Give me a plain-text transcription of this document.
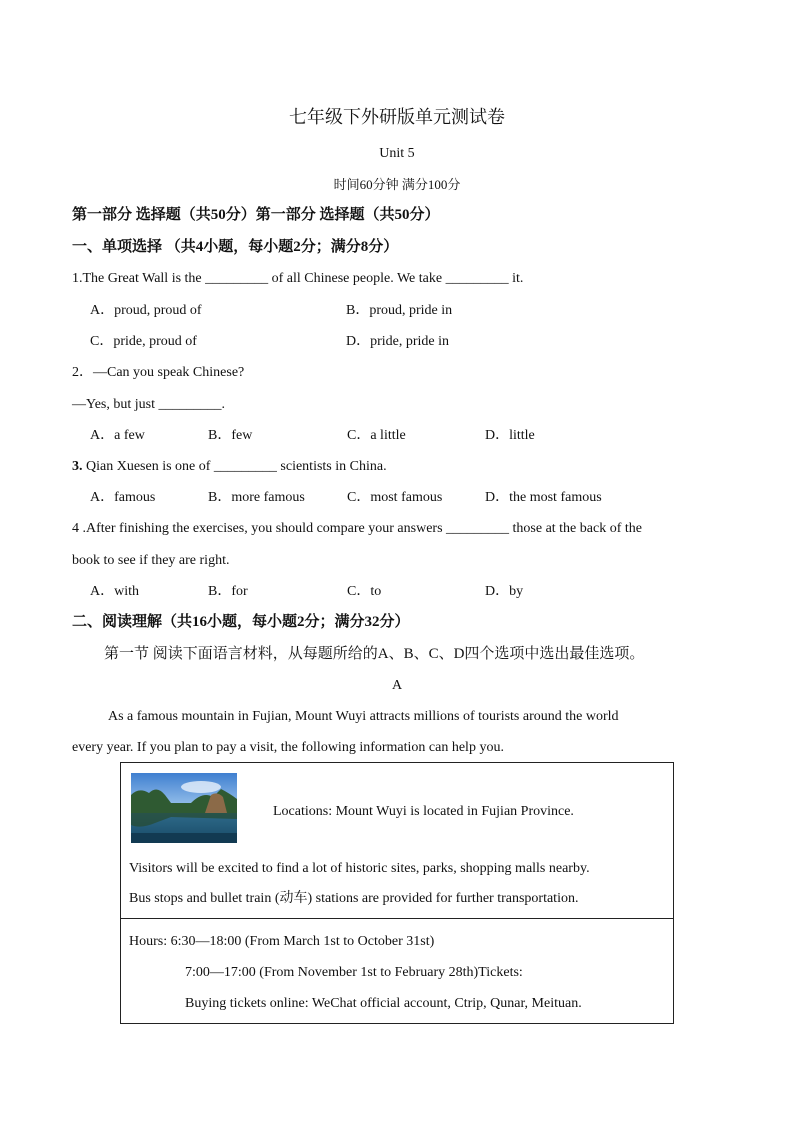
七年级下外研版单元测试卷
Unit 5
时间60分钟 满分100分
第一部分 选择题（共50分）第一部分 选择题（共50分）
一、单项选择 （共4小题，每小题2分；满分8分）
1.The Great Wall is the _________ of all Chinese people. We take _________ it.
A．proud, proud of	B．proud, pride in
C．pride, proud of	D．pride, pride in
2．—Can you speak Chinese?
—Yes, but just _________.
A．a few	B．few	C．a little	D．little
3. Qian Xuesen is one of _________ scientists in China.
A．famous	B．more famous	C．most famous	D．the most famous
4 .After finishing the exercises, you should compare your answers _________ those at the back of the
book to see if they are right.
A．with	B．for	C．to	D．by
二、阅读理解（共16小题，每小题2分；满分32分）
第一节 阅读下面语言材料，从每题所给的A、B、C、D四个选项中选出最佳选项。
A
As a famous mountain in Fujian, Mount Wuyi attracts millions of tourists around the world
every year. If you plan to pay a visit, the following information can help you.
Locations: Mount Wuyi is located in Fujian Province.
Visitors will be excited to find a lot of historic sites, parks, shopping malls nearby.
Bus stops and bullet train (动车) stations are provided for further transportation.
Hours: 6:30—18:00 (From March 1st to October 31st)
7:00—17:00 (From November 1st to February 28th)Tickets:
Buying tickets online: WeChat official account, Ctrip, Qunar, Meituan.
